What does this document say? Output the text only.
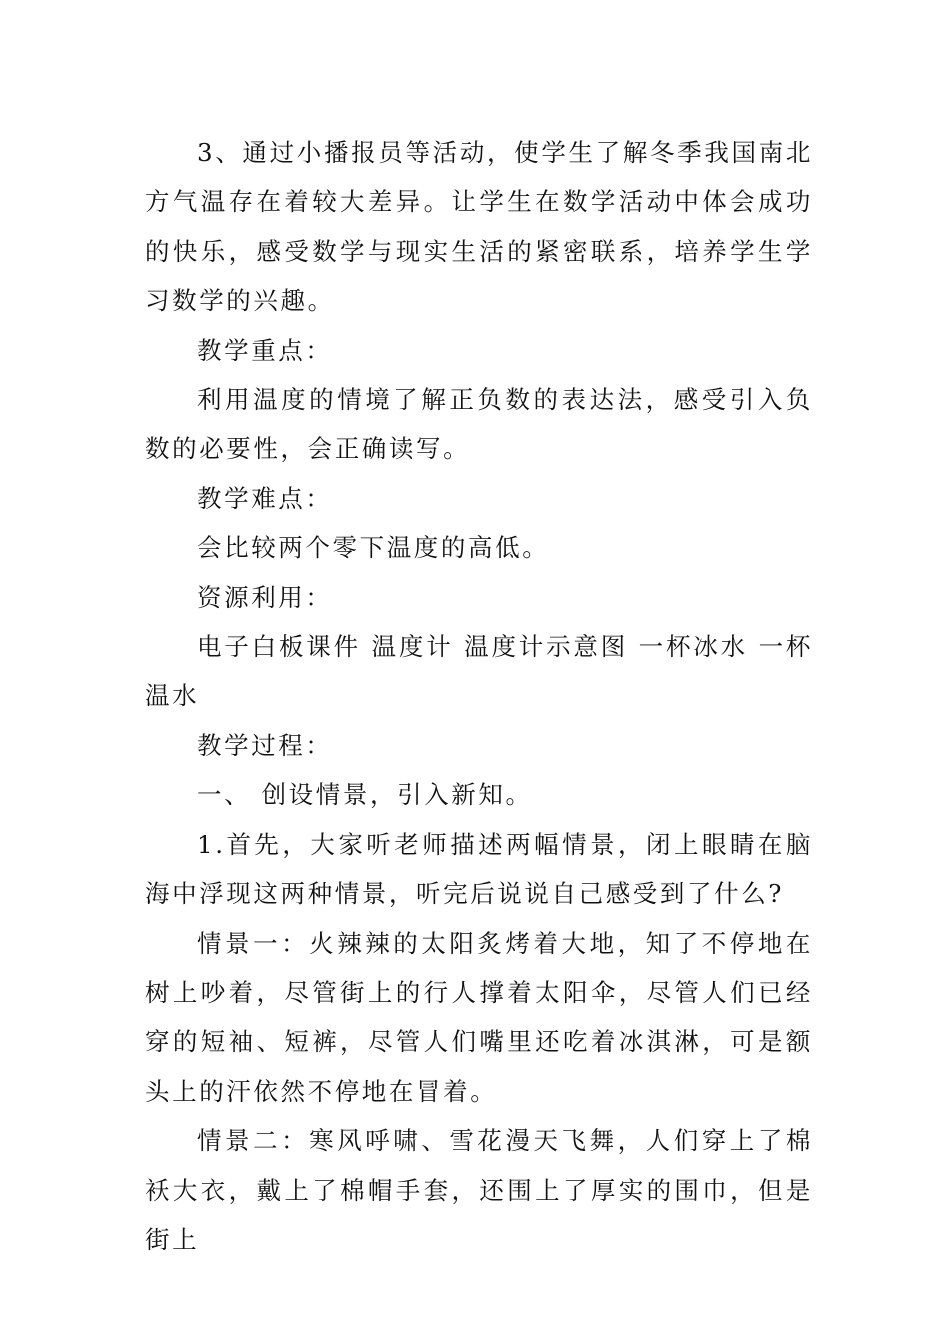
3、通过小播报员等活动，使学生了解冬季我国南北方气温存在着较大差异。让学生在数学活动中体会成功的快乐，感受数学与现实生活的紧密联系，培养学生学习数学的兴趣。

教学重点：

利用温度的情境了解正负数的表达法，感受引入负数的必要性，会正确读写。

教学难点：

会比较两个零下温度的高低。

资源利用：

电子白板课件 温度计 温度计示意图 一杯冰水 一杯温水

教学过程：

一、 创设情景，引入新知。

1.首先，大家听老师描述两幅情景，闭上眼睛在脑海中浮现这两种情景，听完后说说自己感受到了什么?

情景一：火辣辣的太阳炙烤着大地，知了不停地在树上吵着，尽管街上的行人撑着太阳伞，尽管人们已经穿的短袖、短裤，尽管人们嘴里还吃着冰淇淋，可是额头上的汗依然不停地在冒着。

情景二：寒风呼啸、雪花漫天飞舞，人们穿上了棉袄大衣，戴上了棉帽手套，还围上了厚实的围巾，但是街上
